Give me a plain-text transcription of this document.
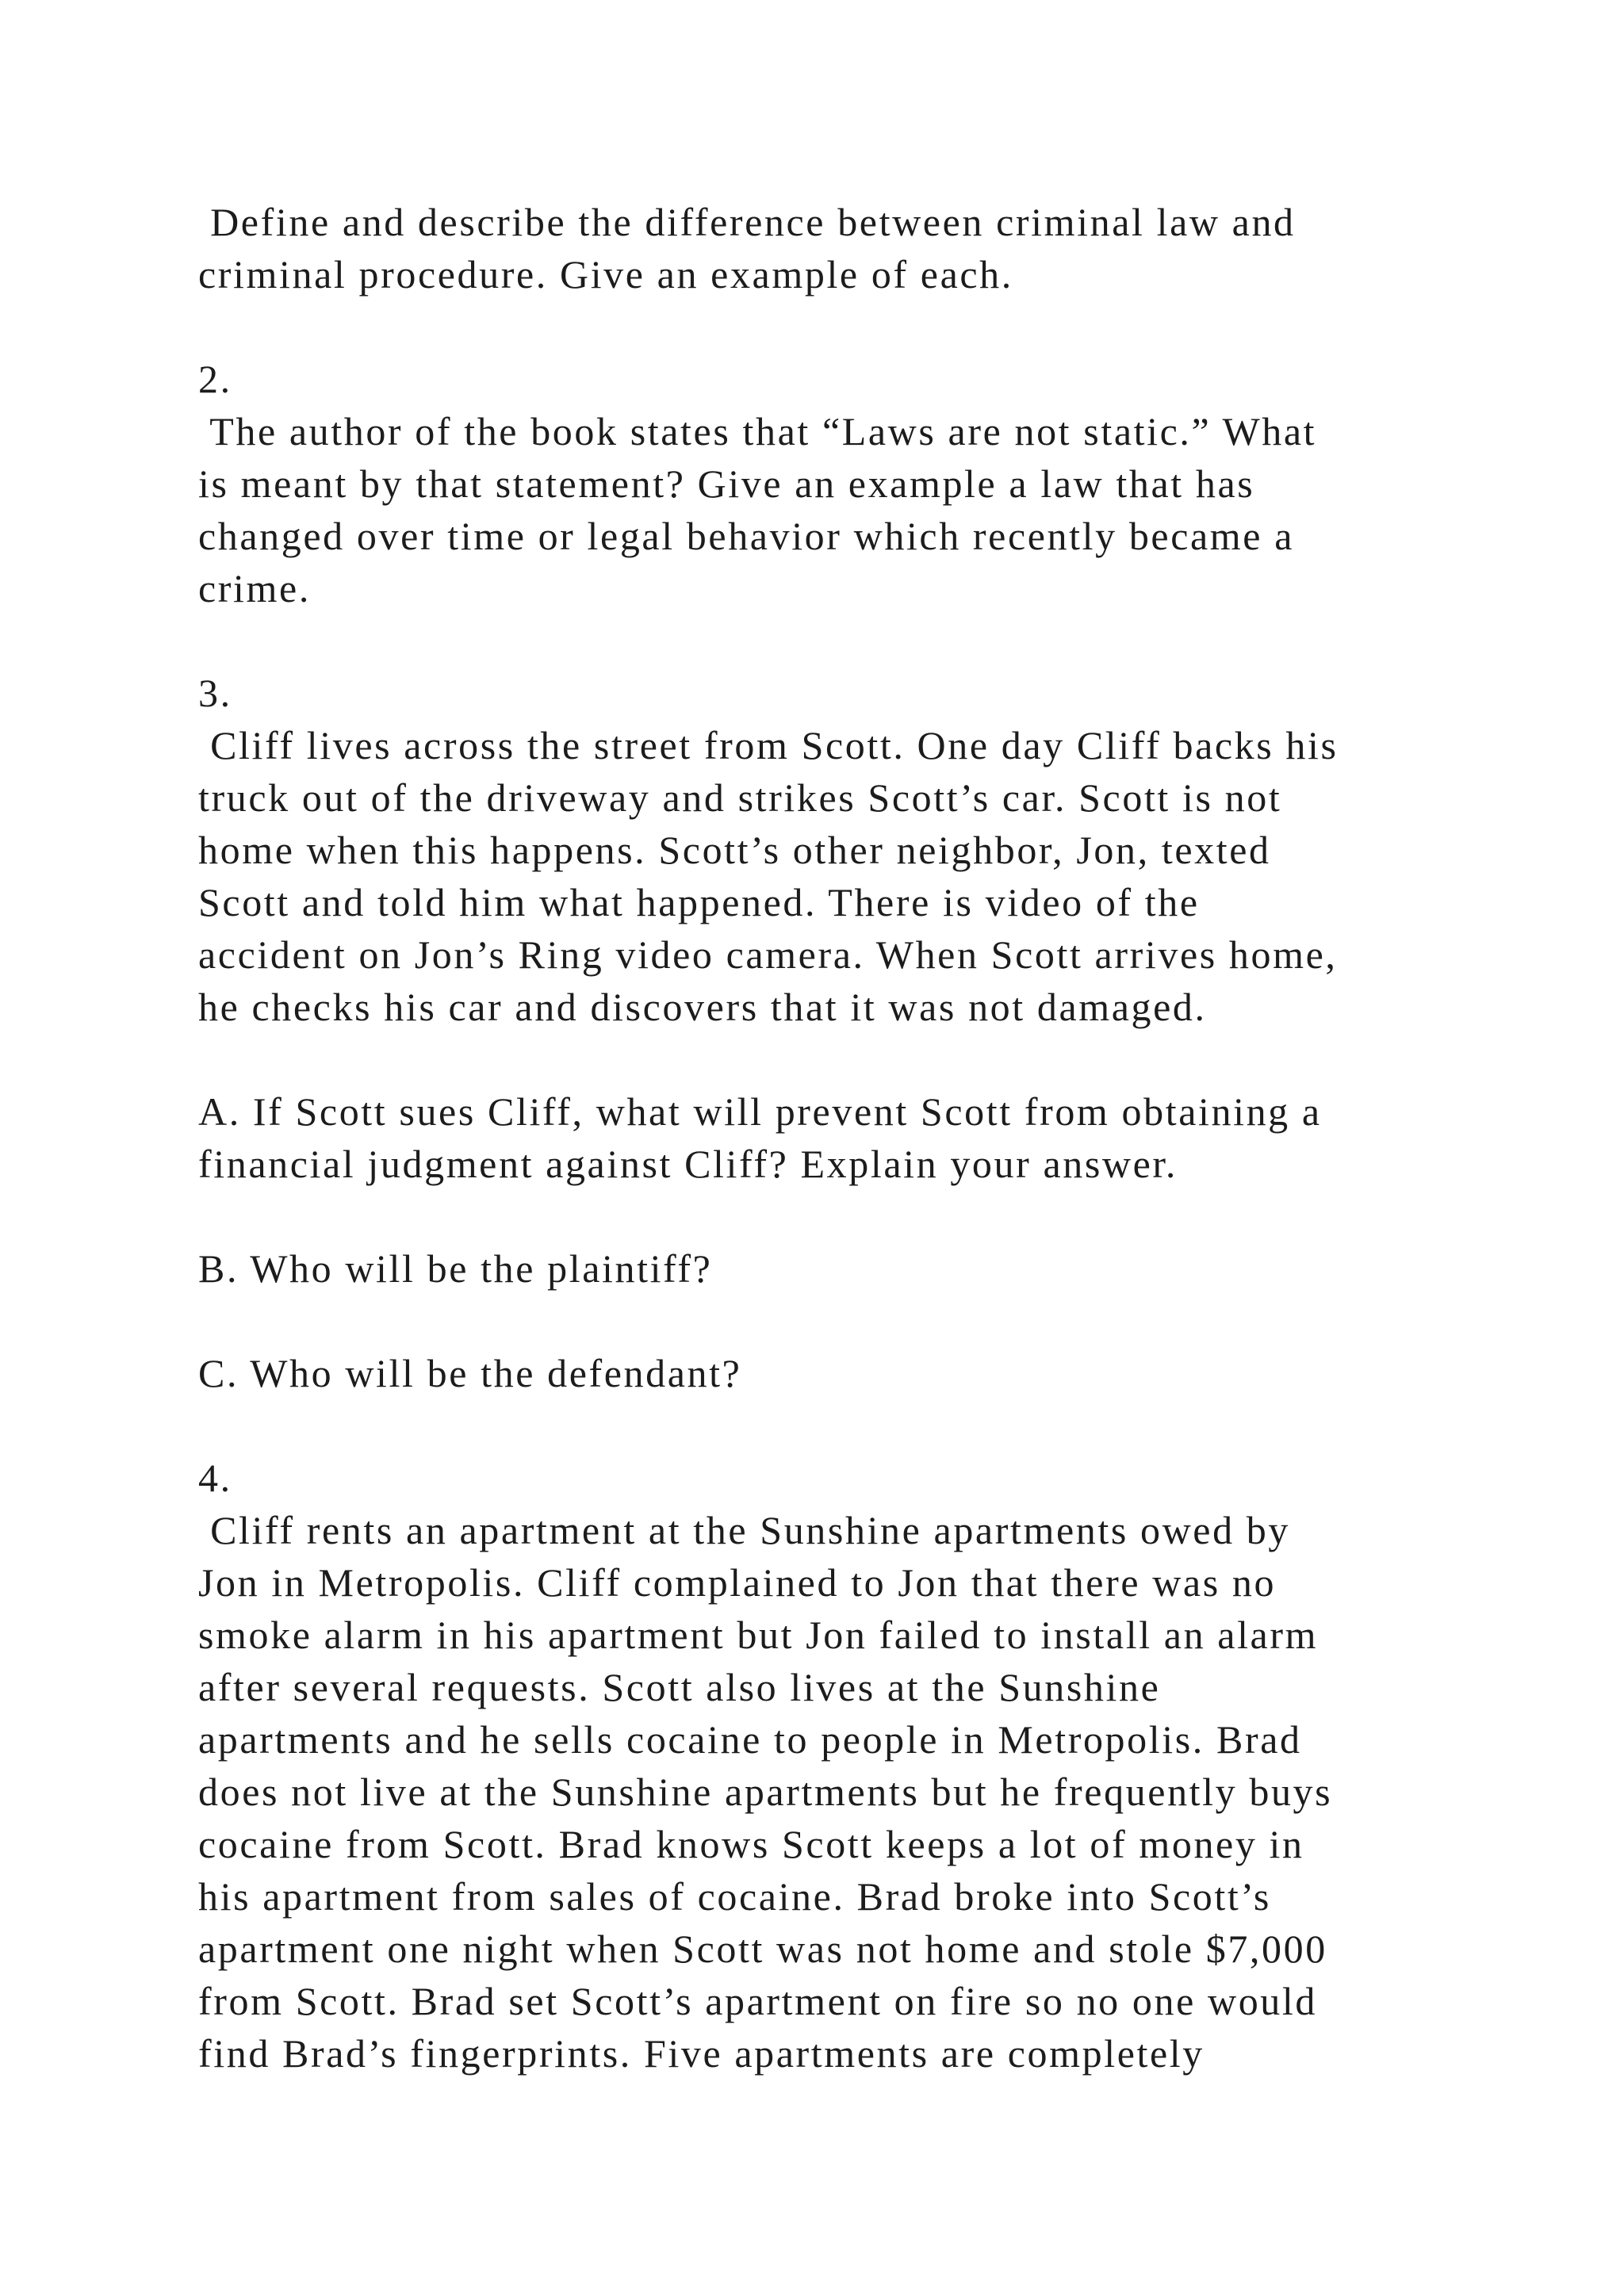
Define and describe the difference between criminal law and
criminal procedure. Give an example of each.
2.
The author of the book states that “Laws are not static.” What
is meant by that statement? Give an example a law that has
changed over time or legal behavior which recently became a
crime.
3.
Cliff lives across the street from Scott. One day Cliff backs his
truck out of the driveway and strikes Scott’s car. Scott is not
home when this happens. Scott’s other neighbor, Jon, texted
Scott and told him what happened. There is video of the
accident on Jon’s Ring video camera. When Scott arrives home,
he checks his car and discovers that it was not damaged.
A. If Scott sues Cliff, what will prevent Scott from obtaining a
financial judgment against Cliff? Explain your answer.
B. Who will be the plaintiff?
C. Who will be the defendant?
4.
Cliff rents an apartment at the Sunshine apartments owed by
Jon in Metropolis. Cliff complained to Jon that there was no
smoke alarm in his apartment but Jon failed to install an alarm
after several requests. Scott also lives at the Sunshine
apartments and he sells cocaine to people in Metropolis. Brad
does not live at the Sunshine apartments but he frequently buys
cocaine from Scott. Brad knows Scott keeps a lot of money in
his apartment from sales of cocaine. Brad broke into Scott’s
apartment one night when Scott was not home and stole $7,000
from Scott. Brad set Scott’s apartment on fire so no one would
find Brad’s fingerprints. Five apartments are completely
